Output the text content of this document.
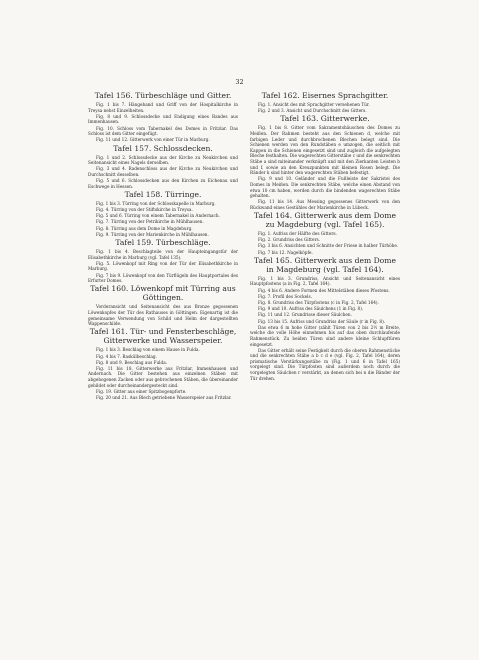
32
Tafel 156. Türbeschläge und Gitter.

Fig. 1 bis 7. Hängeband und Griff von der Hospitalkirche in Treysa nebst Einzelheiten.

Fig. 8 und 9. Schlossdecke und Endigung eines Bandes aus Immenhausen.

Fig. 10. Schloss vom Tabernakel des Domes in Fritzlar. Das Schloss ist dem Gitter eingefügt.

Fig. 11 und 12. Gitterwerk von einer Tür in Marburg.

Tafel 157. Schlossdecken.

Fig. 1 und 2. Schlossdecke aus der Kirche zu Neukirchen und Seitenansicht eines Nagels derselben.

Fig. 3 und 4. Radenschloss aus der Kirche zu Neukirchen und Durchschnitt desselben.

Fig. 5 und 6. Schlossdecken aus den Kirchen zu Eichenau und Eschwege in Hessen.

Tafel 158. Türringe.

Fig. 1 bis 3. Türring von der Schlosskapelle in Marburg.

Fig. 4. Türring von der Stiftskirche in Treysa.

Fig. 5 und 6. Türring von einem Tabernakel in Andernach.

Fig. 7. Türring von der Petrikirche in Mühlhausen.

Fig. 8. Türring aus dem Dome in Magdeburg.

Fig. 9. Türring von der Marienkirche in Mühlhausen.

Tafel 159. Türbeschläge.

Fig. 1 bis 4. Beschlagteile von der Haupteingangstür der Elisabethkirche in Marburg (vgl. Tafel 135).

Fig. 5. Löwenkopf mit Ring von der Tür der Elisabethkirche in Marburg.

Fig. 7 bis 9. Löwenkopf von den Türflügeln des Hauptportales des Erfurter Domes.

Tafel 160. Löwenkopf mit Türring aus Göttingen.

Vorderansicht und Seitenansicht des aus Bronze gegossenen Löwenkopfes der Tür des Rathauses in Göttingen. Eigenartig ist die gemeinsame Verwendung von Schild und Helm der dargestellten Wappenschilde.

Tafel 161. Tür- und Fensterbeschläge, Gitterwerke und Wasserspeier.

Fig. 1 bis 3. Beschlag von einem Hause in Fulda.

Fig. 4 bis 7. Baskülbeschlag.

Fig. 8 und 9. Beschlag aus Fulda.

Fig. 11 bis 18. Gitterwerke aus Fritzlar, Immenhausen und Andernach. Die Gitter bestehen aus einzelnen Stäben mit abgebogenen Zacken oder aus gebrochenen Stäben, die übereinander gebildet oder durcheinandergesteckt sind.

Fig. 19. Gitter aus einer Spitzbogenpforte.

Fig. 20 und 21. Aus Blech getriebene Wasserspeier aus Fritzlar.

Tafel 162. Eisernes Sprachgitter.

Fig. 1. Ansicht des mit Sprachgitter versehenen Tür.

Fig. 2 und 3. Ansicht und Durchschnitt des Gitters.

Tafel 163. Gitterwerke.

Fig. 1 bis 8. Gitter vom Sakramentshäuschen des Domes zu Meißen. Der Rahmen besteht aus den Schienen d, welche mit farbigen Leder und durchbrochenen Blechen belegt sind. Die Schienen werden von den Rundstäben e umzogen, die seitlich mit Kappen in die Schienen eingesetzt sind und zugleich die aufgelegten Bleche festhalten. Die wagerechten Gitterstäbe c und die senkrechten Stäbe a sind miteinander verknüpft und mit den Zierkanten Leisten b und f, sowie an den Kreuzpunkten mit kleinen Rosen belegt. Die Ränder k sind hinter den wagerechten Stäben befestigt.

Fig. 9 und 10. Geländer und die Fußleiste der Sakristei des Domes in Meißen. Die senkrechten Stäbe, welche einen Abstand von etwa 10 cm haben, werden durch die bindenden wagerechten Stäbe gehalten.

Fig. 11 bis 14. Aus Messing gegossenes Gitterwerk von den Rückwand eines Gestühles der Marienkirche in Lübeck.

Tafel 164. Gitterwerk aus dem Dome zu Magdeburg (vgl. Tafel 165).

Fig. 1. Aufriss der Hälfte des Gitters.

Fig. 2. Grundriss des Gitters.

Fig. 3 bis 6. Ansichten und Schnitte der Friese in halber Türhöhe.

Fig. 7 bis 12. Nagelköpfe.

Tafel 165. Gitterwerk aus dem Dome in Magdeburg (vgl. Tafel 164).

Fig. 1 bis 3. Grundriss, Ansicht und Seitenansicht eines Hauptpfostens (a in Fig. 2, Tafel 164).

Fig. 4 bis 6. Andere Formen des Mittelstäben dieses Pfostens.

Fig. 7. Profil des Sockels.

Fig. 8. Grundriss des Türpfostens (c in Fig. 2, Tafel 164).

Fig. 9 und 10. Aufriss des Säulchens (1 in Fig. 8).

Fig. 11 und 12. Grundrisse dieser Säulchen.

Fig. 13 bis 15. Aufriss und Grundriss der Säule (r in Fig. 8).

Das etwa 6 m hohe Gitter (zählt Türen von 2 bis 2½ m Breite, welche die volle Höhe einnehmen bis auf das oben durchlaufende Rahmenstück. Zu beiden Türen sind andere kleine Schlupftüren eingesetzt.

Das Gitter erhält seine Festigkeit durch die oberen Rahmenstücke und die senkrechten Stäbe a b c d e (vgl. Fig. 2, Tafel 164), deren prismatische Verstärkungsstäbe m (Fig. 1 und 6 in Tafel 165) vorgelegt sind. Die Türpfosten sind außerdem noch durch die vorgelegten Säulchen r verstärkt, an denen sich bei n die Bänder der Tür drehen.
